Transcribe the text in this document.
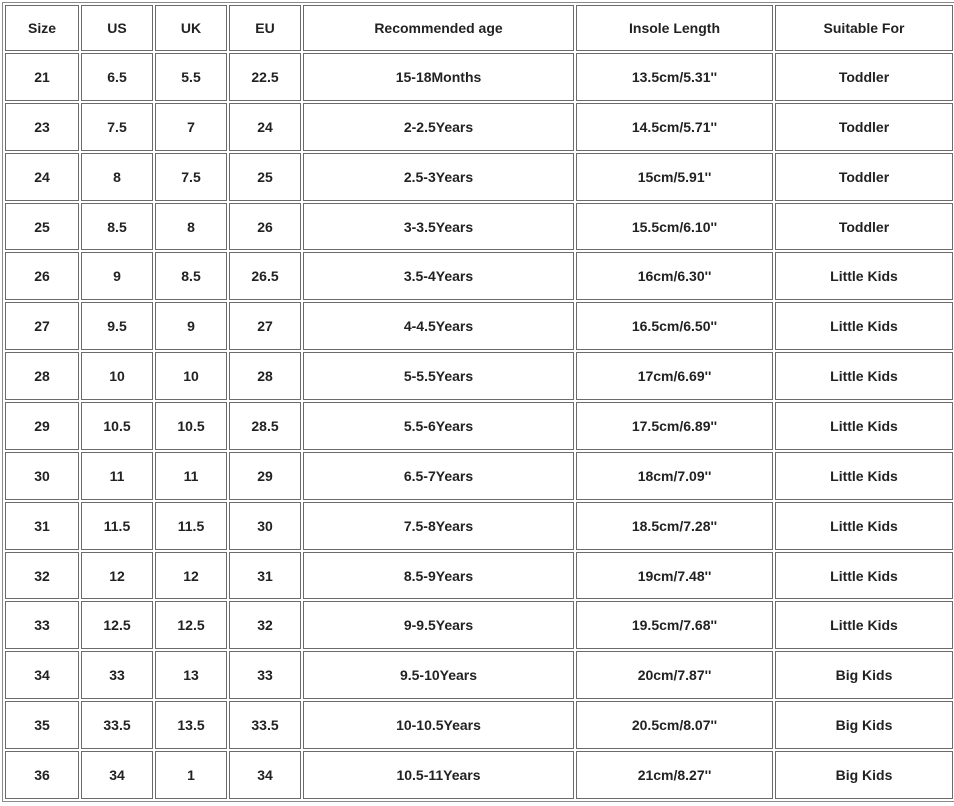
Size	US	UK	EU	Recommended age	Insole Length	Suitable For
21	6.5	5.5	22.5	15-18Months	13.5cm/5.31''	Toddler
23	7.5	7	24	2-2.5Years	14.5cm/5.71''	Toddler
24	8	7.5	25	2.5-3Years	15cm/5.91''	Toddler
25	8.5	8	26	3-3.5Years	15.5cm/6.10''	Toddler
26	9	8.5	26.5	3.5-4Years	16cm/6.30''	Little Kids
27	9.5	9	27	4-4.5Years	16.5cm/6.50''	Little Kids
28	10	10	28	5-5.5Years	17cm/6.69''	Little Kids
29	10.5	10.5	28.5	5.5-6Years	17.5cm/6.89''	Little Kids
30	11	11	29	6.5-7Years	18cm/7.09''	Little Kids
31	11.5	11.5	30	7.5-8Years	18.5cm/7.28''	Little Kids
32	12	12	31	8.5-9Years	19cm/7.48''	Little Kids
33	12.5	12.5	32	9-9.5Years	19.5cm/7.68''	Little Kids
34	33	13	33	9.5-10Years	20cm/7.87''	Big Kids
35	33.5	13.5	33.5	10-10.5Years	20.5cm/8.07''	Big Kids
36	34	1	34	10.5-11Years	21cm/8.27''	Big Kids
